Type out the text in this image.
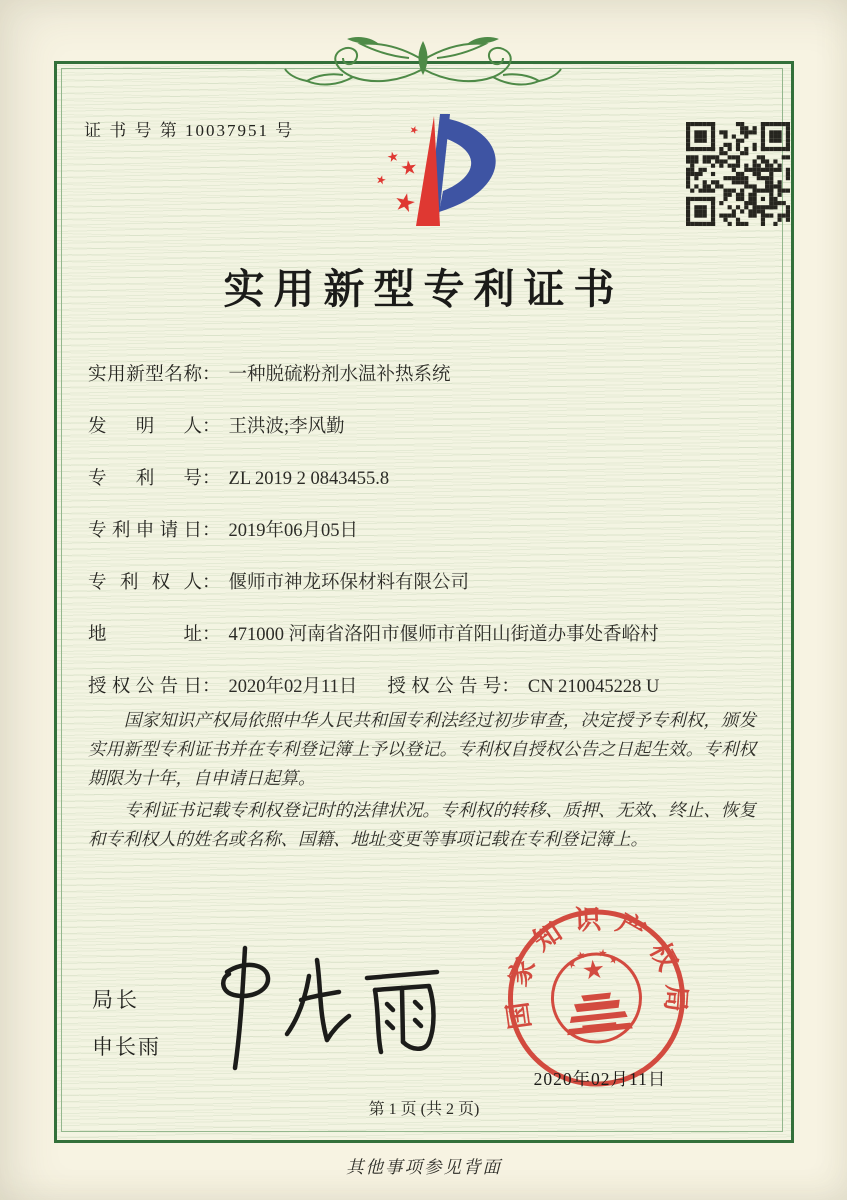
证 书 号 第 10037951 号
实用新型专利证书
实用新型名称： 一种脱硫粉剂水温补热系统
发明人： 王洪波;李风勤
专利号： ZL 2019 2 0843455.8
专利申请日： 2019年06月05日
专利权人： 偃师市神龙环保材料有限公司
地址： 471000 河南省洛阳市偃师市首阳山街道办事处香峪村
授权公告日： 2020年02月11日 授权公告号： CN 210045228 U

国家知识产权局依照中华人民共和国专利法经过初步审查，决定授予专利权，颁发实用新型专利证书并在专利登记簿上予以登记。专利权自授权公告之日起生效。专利权期限为十年，自申请日起算。

专利证书记载专利权登记时的法律状况。专利权的转移、质押、无效、终止、恢复和专利权人的姓名或名称、国籍、地址变更等事项记载在专利登记簿上。

局长
申长雨
国家知识产权局
2020年02月11日
第 1 页 (共 2 页)
其他事项参见背面
